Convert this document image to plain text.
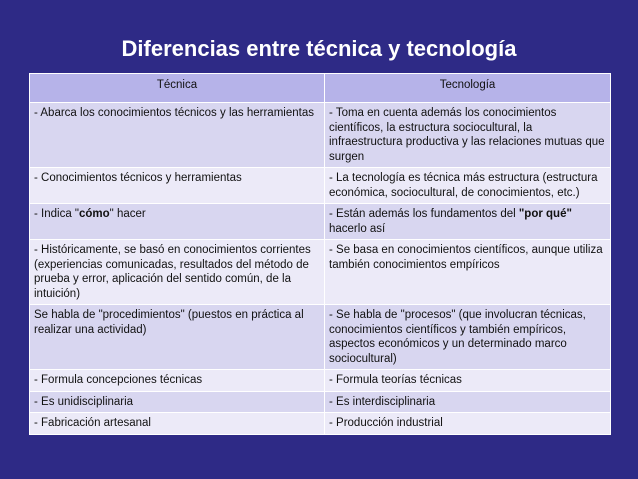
Diferencias entre técnica y tecnología
Técnica	Tecnología
- Abarca los conocimientos técnicos y las herramientas	- Toma en cuenta además los conocimientos científicos, la estructura sociocultural, la infraestructura productiva y las relaciones mutuas que surgen
- Conocimientos técnicos y herramientas	- La tecnología es técnica más estructura (estructura económica, sociocultural, de conocimientos, etc.)
- Indica "cómo" hacer	- Están además los fundamentos del "por qué" hacerlo así
- Históricamente, se basó en conocimientos corrientes (experiencias comunicadas, resultados del método de prueba y error, aplicación del sentido común, de la intuición)	- Se basa en conocimientos científicos, aunque utiliza también conocimientos empíricos
Se habla de "procedimientos" (puestos en práctica al realizar una actividad)	- Se habla de "procesos" (que involucran técnicas, conocimientos científicos y también empíricos, aspectos económicos y un determinado marco sociocultural)
- Formula concepciones técnicas	- Formula teorías técnicas
- Es unidisciplinaria	- Es interdisciplinaria
- Fabricación artesanal	- Producción industrial
